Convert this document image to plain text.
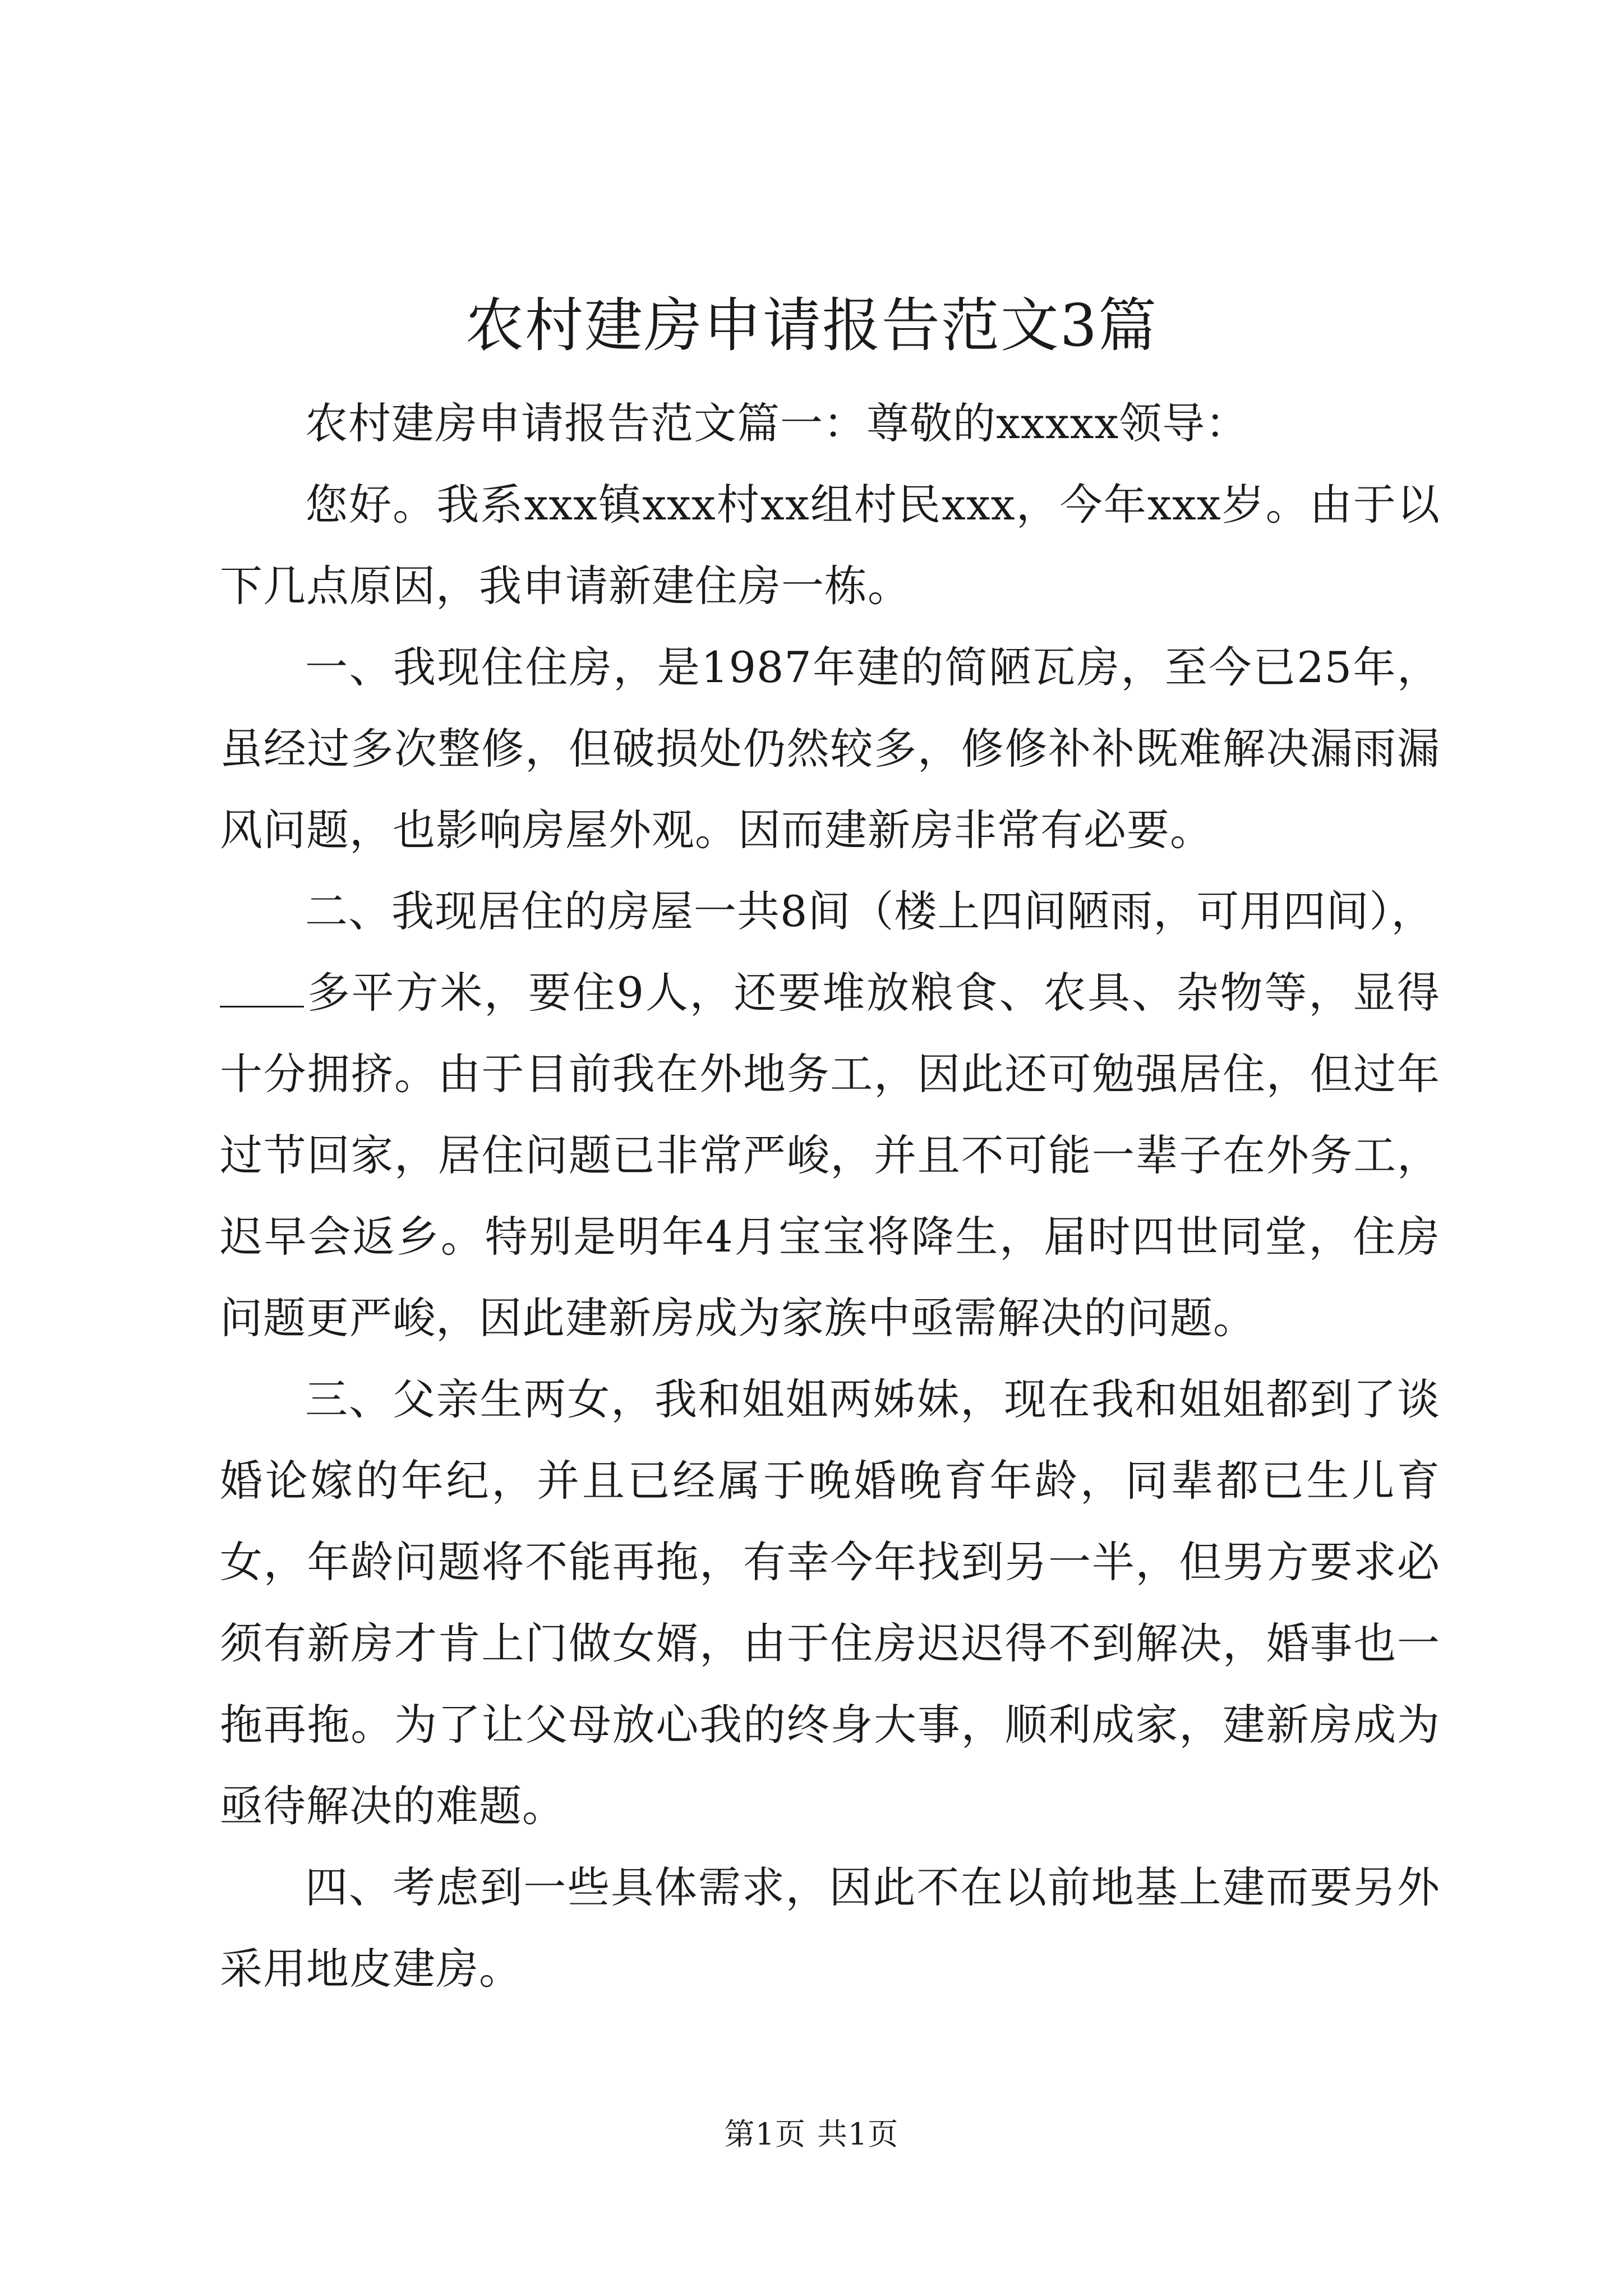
农村建房申请报告范文3篇

农村建房申请报告范文篇一：尊敬的xxxxx领导：

您好。我系xxx镇xxx村xx组村民xxx，今年xxx岁。由于以下几点原因，我申请新建住房一栋。

一、我现住住房，是1987年建的简陋瓦房，至今已25年，虽经过多次整修，但破损处仍然较多，修修补补既难解决漏雨漏风问题，也影响房屋外观。因而建新房非常有必要。

二、我现居住的房屋一共8间（楼上四间陋雨，可用四间），
多平方米，要住9人，还要堆放粮食、农具、杂物等，显得十分拥挤。由于目前我在外地务工，因此还可勉强居住，但过年过节回家，居住问题已非常严峻，并且不可能一辈子在外务工，迟早会返乡。特别是明年4月宝宝将降生，届时四世同堂，住房问题更严峻，因此建新房成为家族中亟需解决的问题。

三、父亲生两女，我和姐姐两姊妹，现在我和姐姐都到了谈婚论嫁的年纪，并且已经属于晚婚晚育年龄，同辈都已生儿育女，年龄问题将不能再拖，有幸今年找到另一半，但男方要求必须有新房才肯上门做女婿，由于住房迟迟得不到解决，婚事也一拖再拖。为了让父母放心我的终身大事，顺利成家，建新房成为亟待解决的难题。

四、考虑到一些具体需求，因此不在以前地基上建而要另外采用地皮建房。

第1页 共1页
